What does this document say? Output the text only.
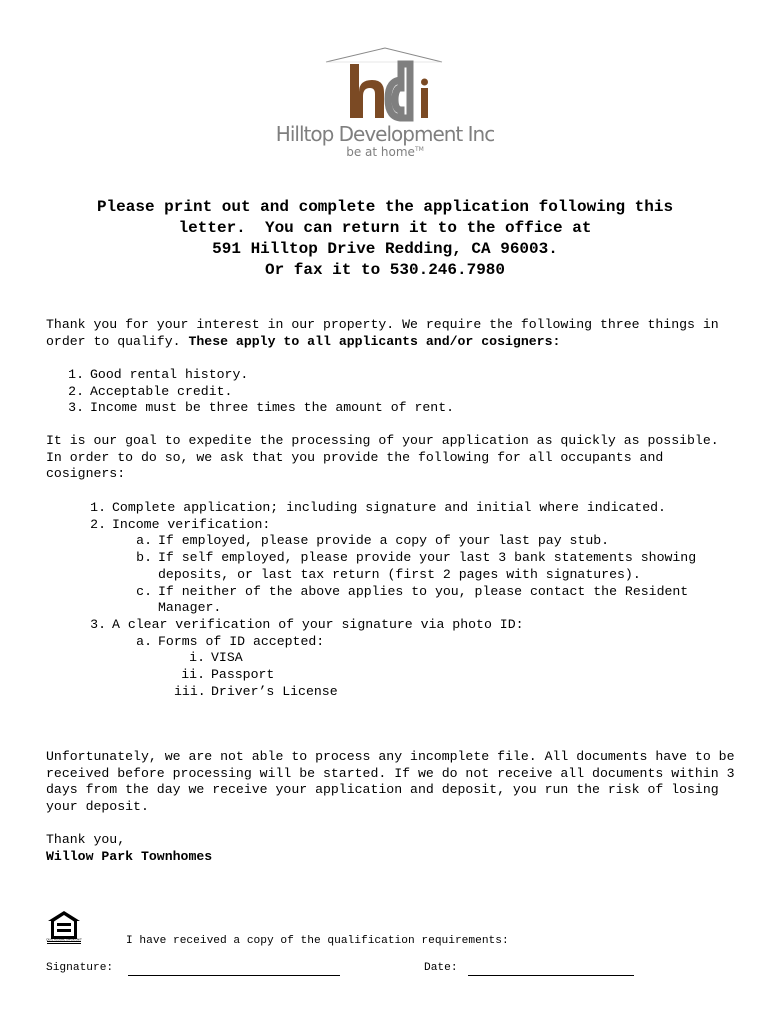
Hilltop Development Inc
be at home™
Please print out and complete the application following this
letter.  You can return it to the office at
591 Hilltop Drive Redding, CA 96003.
Or fax it to 530.246.7980
Thank you for your interest in our property. We require the following three things in order to qualify. These apply to all applicants and/or cosigners:
1. Good rental history.
2. Acceptable credit.
3. Income must be three times the amount of rent.
It is our goal to expedite the processing of your application as quickly as possible. In order to do so, we ask that you provide the following for all occupants and cosigners:
1. Complete application; including signature and initial where indicated.
2. Income verification:
a. If employed, please provide a copy of your last pay stub.
b. If self employed, please provide your last 3 bank statements showing deposits, or last tax return (first 2 pages with signatures).
c. If neither of the above applies to you, please contact the Resident Manager.
3. A clear verification of your signature via photo ID:
a. Forms of ID accepted:
i. VISA
ii. Passport
iii. Driver’s License
Unfortunately, we are not able to process any incomplete file. All documents have to be received before processing will be started. If we do not receive all documents within 3 days from the day we receive your application and deposit, you run the risk of losing your deposit.
Thank you,
Willow Park Townhomes
EQUAL HOUSING OPPORTUNITY	I have received a copy of the qualification requirements:
Signature:	Date:
